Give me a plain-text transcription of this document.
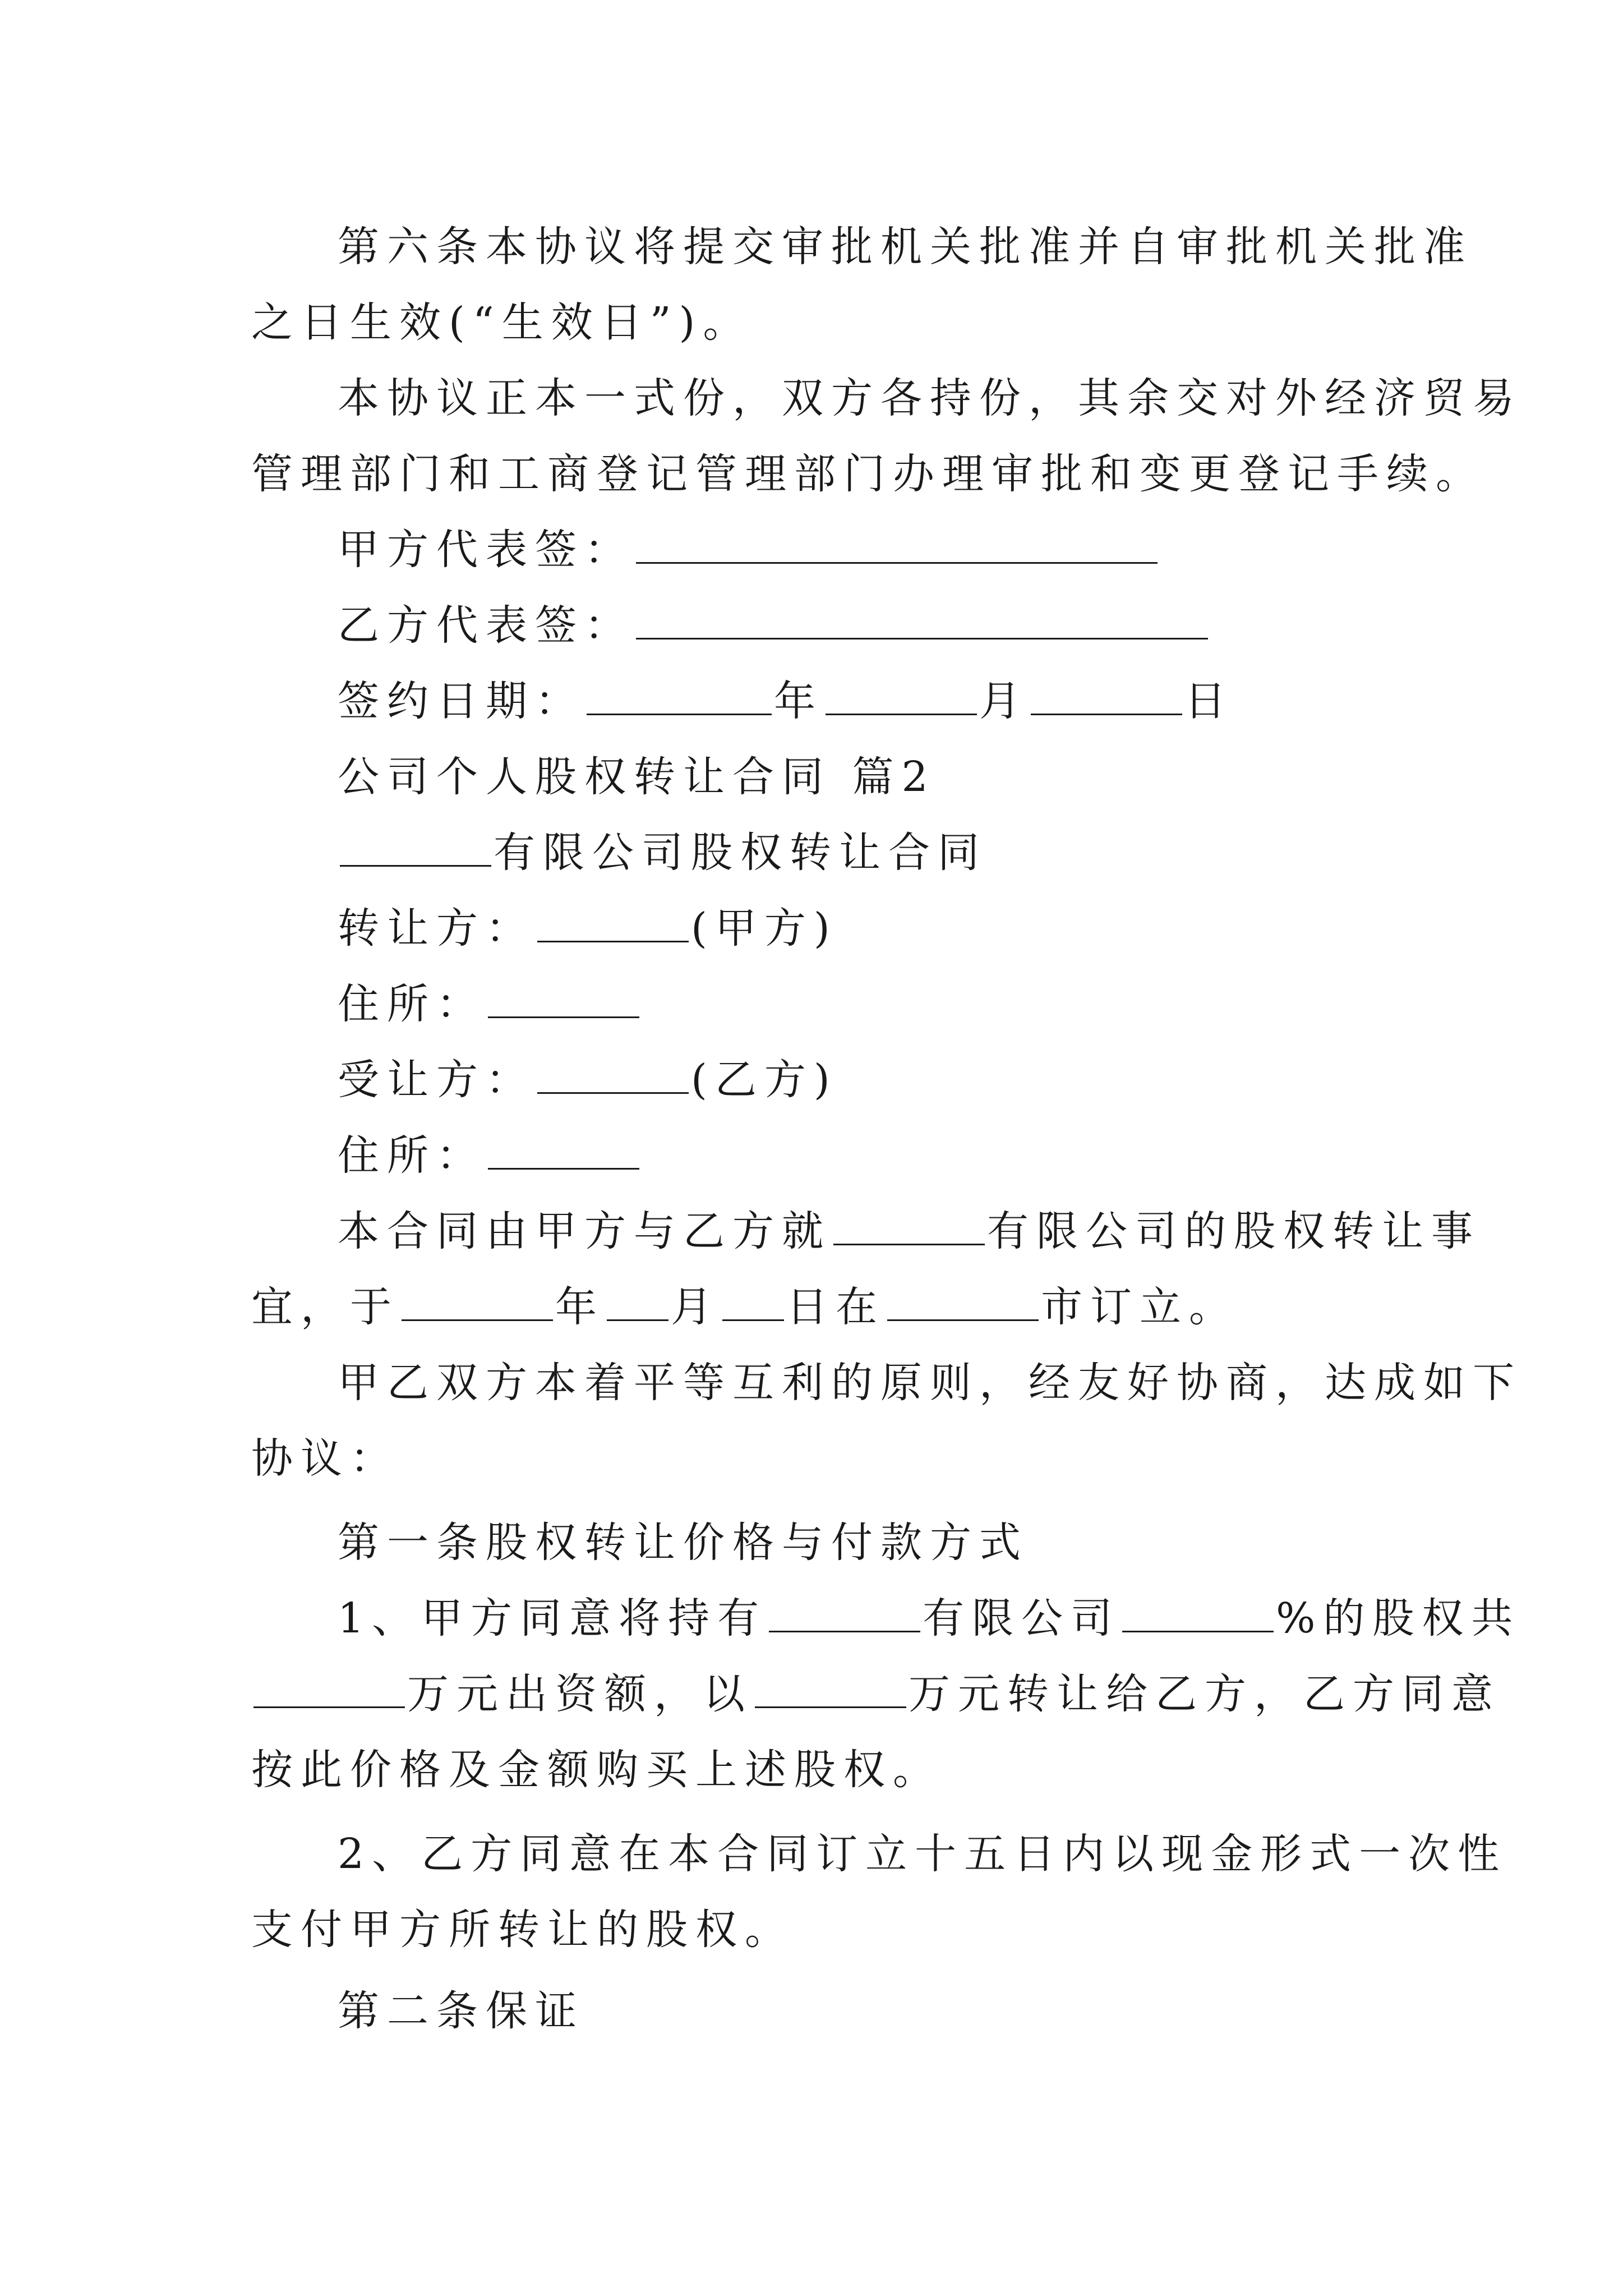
第六条本协议将提交审批机关批准并自审批机关批准
之日生效(“生效日”)。
本协议正本一式份，双方各持份，其余交对外经济贸易
管理部门和工商登记管理部门办理审批和变更登记手续。
甲方代表签：
乙方代表签：
签约日期：	年	月	日
公司个人股权转让合同 篇2
有限公司股权转让合同
转让方：	(甲方)
住所：
受让方：	(乙方)
住所：
本合同由甲方与乙方就	有限公司的股权转让事
宜，于	年 月 日在	市订立。
甲乙双方本着平等互利的原则，经友好协商，达成如下
协议：
第一条股权转让价格与付款方式
1、甲方同意将持有	有限公司	%的股权共
万元出资额，以	万元转让给乙方，乙方同意
按此价格及金额购买上述股权。
2、乙方同意在本合同订立十五日内以现金形式一次性
支付甲方所转让的股权。
第二条保证
